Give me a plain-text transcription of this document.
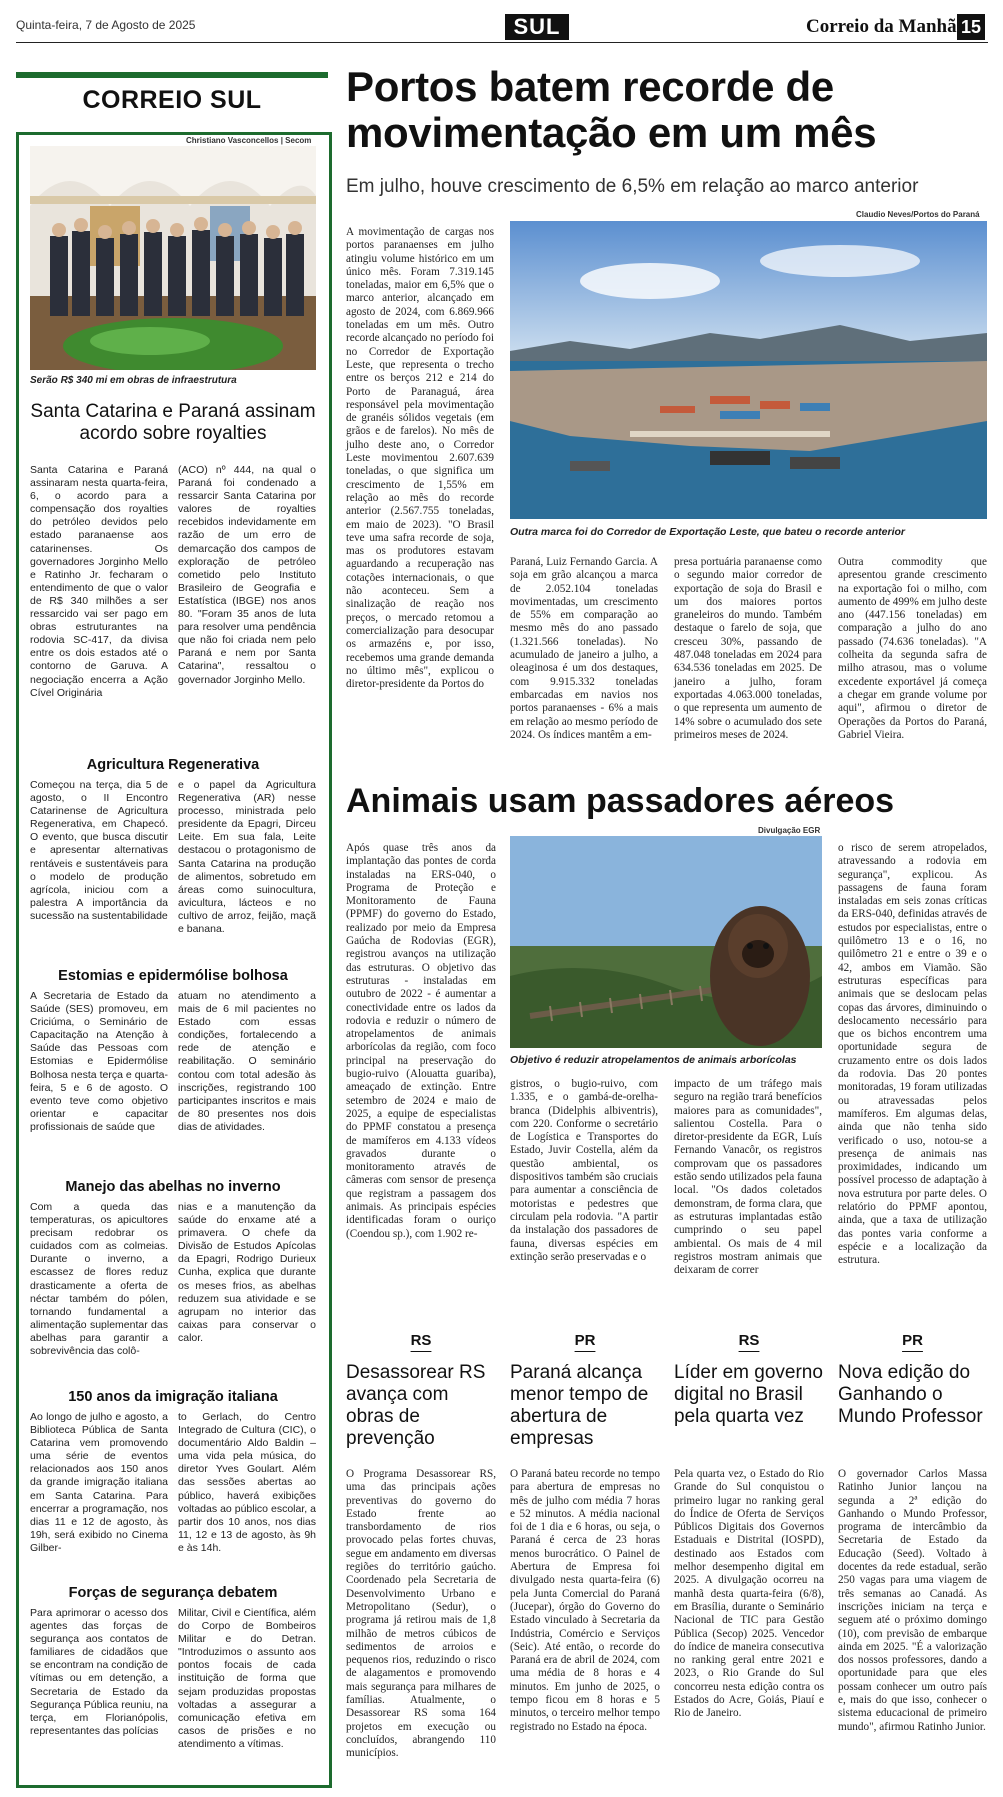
Quinta-feira, 7 de Agosto de 2025	SUL	Correio da Manhã 15
CORREIO SUL
Christiano Vasconcellos | Secom
Serão R$ 340 mi em obras de infraestrutura
Santa Catarina e Paraná assinam acordo sobre royalties
Santa Catarina e Paraná assinaram nesta quarta-feira, 6, o acordo para a compensação dos royalties do petróleo devidos pelo estado paranaense aos catarinenses. Os governadores Jorginho Mello e Ratinho Jr. fecharam o entendimento de que o valor de R$ 340 milhões a ser ressarcido vai ser pago em obras estruturantes na rodovia SC-417, da divisa entre os dois estados até o contorno de Garuva. A negociação encerra a Ação Cível Originária
(ACO) nº 444, na qual o Paraná foi condenado a ressarcir Santa Catarina por valores de royalties recebidos indevidamente em razão de um erro de demarcação dos campos de exploração de petróleo cometido pelo Instituto Brasileiro de Geografia e Estatística (IBGE) nos anos 80. "Foram 35 anos de luta para resolver uma pendência que não foi criada nem pelo Paraná e nem por Santa Catarina", ressaltou o governador Jorginho Mello.
Agricultura Regenerativa
Começou na terça, dia 5 de agosto, o II Encontro Catarinense de Agricultura Regenerativa, em Chapecó. O evento, que busca discutir e apresentar alternativas rentáveis e sustentáveis para o modelo de produção agrícola, iniciou com a palestra A importância da sucessão na sustentabilidade
e o papel da Agricultura Regenerativa (AR) nesse processo, ministrada pelo presidente da Epagri, Dirceu Leite. Em sua fala, Leite destacou o protagonismo de Santa Catarina na produção de alimentos, sobretudo em áreas como suinocultura, avicultura, lácteos e no cultivo de arroz, feijão, maçã e banana.
Estomias e epidermólise bolhosa
A Secretaria de Estado da Saúde (SES) promoveu, em Criciúma, o Seminário de Capacitação na Atenção à Saúde das Pessoas com Estomias e Epidermólise Bolhosa nesta terça e quarta-feira, 5 e 6 de agosto. O evento teve como objetivo orientar e capacitar profissionais de saúde que
atuam no atendimento a mais de 6 mil pacientes no Estado com essas condições, fortalecendo a rede de atenção e reabilitação. O seminário contou com total adesão às inscrições, registrando 100 participantes inscritos e mais de 80 presentes nos dois dias de atividades.
Manejo das abelhas no inverno
Com a queda das temperaturas, os apicultores precisam redobrar os cuidados com as colmeias. Durante o inverno, a escassez de flores reduz drasticamente a oferta de néctar também do pólen, tornando fundamental a alimentação suplementar das abelhas para garantir a sobrevivência das colô-
nias e a manutenção da saúde do enxame até a primavera. O chefe da Divisão de Estudos Apícolas da Epagri, Rodrigo Durieux Cunha, explica que durante os meses frios, as abelhas reduzem sua atividade e se agrupam no interior das caixas para conservar o calor.
150 anos da imigração italiana
Ao longo de julho e agosto, a Biblioteca Pública de Santa Catarina vem promovendo uma série de eventos relacionados aos 150 anos da grande imigração italiana em Santa Catarina. Para encerrar a programação, nos dias 11 e 12 de agosto, às 19h, será exibido no Cinema Gilber-
to Gerlach, do Centro Integrado de Cultura (CIC), o documentário Aldo Baldin – uma vida pela música, do diretor Yves Goulart. Além das sessões abertas ao público, haverá exibições voltadas ao público escolar, a partir dos 10 anos, nos dias 11, 12 e 13 de agosto, às 9h e às 14h.
Forças de segurança debatem
Para aprimorar o acesso dos agentes das forças de segurança aos contatos de familiares de cidadãos que se encontram na condição de vítimas ou em detenção, a Secretaria de Estado da Segurança Pública reuniu, na terça, em Florianópolis, representantes das polícias
Militar, Civil e Científica, além do Corpo de Bombeiros Militar e do Detran. "Introduzimos o assunto aos pontos focais de cada instituição de forma que sejam produzidas propostas voltadas a assegurar a comunicação efetiva em casos de prisões e no atendimento a vítimas.
Portos batem recorde de movimentação em um mês
Em julho, houve crescimento de 6,5% em relação ao marco anterior
Claudio Neves/Portos do Paraná
A movimentação de cargas nos portos paranaenses em julho atingiu volume histórico em um único mês. Foram 7.319.145 toneladas, maior em 6,5% que o marco anterior, alcançado em agosto de 2024, com 6.869.966 toneladas em um mês. Outro recorde alcançado no período foi no Corredor de Exportação Leste, que representa o trecho entre os berços 212 e 214 do Porto de Paranaguá, área responsável pela movimentação de granéis sólidos vegetais (em grãos e de farelos). No mês de julho deste ano, o Corredor Leste movimentou 2.607.639 toneladas, o que significa um crescimento de 1,55% em relação ao mês do recorde anterior (2.567.755 toneladas, em maio de 2023). "O Brasil teve uma safra recorde de soja, mas os produtores estavam aguardando a recuperação nas cotações internacionais, o que não aconteceu. Sem a sinalização de reação nos preços, o mercado retomou a comercialização para desocupar os armazéns e, por isso, recebemos uma grande demanda no último mês", explicou o diretor-presidente da Portos do
Outra marca foi do Corredor de Exportação Leste, que bateu o recorde anterior
Paraná, Luiz Fernando Garcia. A soja em grão alcançou a marca de 2.052.104 toneladas movimentadas, um crescimento de 55% em comparação ao mesmo mês do ano passado (1.321.566 toneladas). No acumulado de janeiro a julho, a oleaginosa é um dos destaques, com 9.915.332 toneladas embarcadas em navios nos portos paranaenses - 6% a mais em relação ao mesmo período de 2024. Os índices mantêm a em-
presa portuária paranaense como o segundo maior corredor de exportação de soja do Brasil e um dos maiores portos graneleiros do mundo. Também destaque o farelo de soja, que cresceu 30%, passando de 487.048 toneladas em 2024 para 634.536 toneladas em 2025. De janeiro a julho, foram exportadas 4.063.000 toneladas, o que representa um aumento de 14% sobre o acumulado dos sete primeiros meses de 2024.
Outra commodity que apresentou grande crescimento na exportação foi o milho, com aumento de 499% em julho deste ano (447.156 toneladas) em comparação a julho do ano passado (74.636 toneladas). "A colheita da segunda safra de milho atrasou, mas o volume excedente exportável já começa a chegar em grande volume por aqui", afirmou o diretor de Operações da Portos do Paraná, Gabriel Vieira.
Animais usam passadores aéreos
Divulgação EGR
Após quase três anos da implantação das pontes de corda instaladas na ERS-040, o Programa de Proteção e Monitoramento de Fauna (PPMF) do governo do Estado, realizado por meio da Empresa Gaúcha de Rodovias (EGR), registrou avanços na utilização das estruturas. O objetivo das estruturas - instaladas em outubro de 2022 - é aumentar a conectividade entre os lados da rodovia e reduzir o número de atropelamentos de animais arborícolas da região, com foco principal na preservação do bugio-ruivo (Alouatta guariba), ameaçado de extinção. Entre setembro de 2024 e maio de 2025, a equipe de especialistas do PPMF constatou a presença de mamíferos em 4.133 vídeos gravados durante o monitoramento através de câmeras com sensor de presença que registram a passagem dos animais. As principais espécies identificadas foram o ouriço (Coendou sp.), com 1.902 re-
Objetivo é reduzir atropelamentos de animais arborícolas
gistros, o bugio-ruivo, com 1.335, e o gambá-de-orelha-branca (Didelphis albiventris), com 220. Conforme o secretário de Logística e Transportes do Estado, Juvir Costella, além da questão ambiental, os dispositivos também são cruciais para aumentar a consciência de motoristas e pedestres que circulam pela rodovia. "A partir da instalação dos passadores de fauna, diversas espécies em extinção serão preservadas e o
impacto de um tráfego mais seguro na região trará benefícios maiores para as comunidades", salientou Costella. Para o diretor-presidente da EGR, Luís Fernando Vanacôr, os registros comprovam que os passadores estão sendo utilizados pela fauna local. "Os dados coletados demonstram, de forma clara, que as estruturas implantadas estão cumprindo o seu papel ambiental. Os mais de 4 mil registros mostram animais que deixaram de correr
o risco de serem atropelados, atravessando a rodovia em segurança", explicou. As passagens de fauna foram instaladas em seis zonas críticas da ERS-040, definidas através de estudos por especialistas, entre o quilômetro 13 e o 16, no quilômetro 21 e entre o 39 e o 42, ambos em Viamão. São estruturas específicas para animais que se deslocam pelas copas das árvores, diminuindo o deslocamento necessário para que os bichos encontrem uma oportunidade segura de cruzamento entre os dois lados da rodovia. Das 20 pontes monitoradas, 19 foram utilizadas ou atravessadas pelos mamíferos. Em algumas delas, ainda que não tenha sido verificado o uso, notou-se a presença de animais nas proximidades, indicando um possível processo de adaptação à nova estrutura por parte deles. O relatório do PPMF apontou, ainda, que a taxa de utilização das pontes varia conforme a espécie e a localização da estrutura.
RS
Desassorear RS avança com obras de prevenção
O Programa Desassorear RS, uma das principais ações preventivas do governo do Estado frente ao transbordamento de rios provocado pelas fortes chuvas, segue em andamento em diversas regiões do território gaúcho. Coordenado pela Secretaria de Desenvolvimento Urbano e Metropolitano (Sedur), o programa já retirou mais de 1,8 milhão de metros cúbicos de sedimentos de arroios e pequenos rios, reduzindo o risco de alagamentos e promovendo mais segurança para milhares de famílias. Atualmente, o Desassorear RS soma 164 projetos em execução ou concluídos, abrangendo 110 municípios.
PR
Paraná alcança menor tempo de abertura de empresas
O Paraná bateu recorde no tempo para abertura de empresas no mês de julho com média 7 horas e 52 minutos. A média nacional foi de 1 dia e 6 horas, ou seja, o Paraná é cerca de 23 horas menos burocrático. O Painel de Abertura de Empresa foi divulgado nesta quarta-feira (6) pela Junta Comercial do Paraná (Jucepar), órgão do Governo do Estado vinculado à Secretaria da Indústria, Comércio e Serviços (Seic). Até então, o recorde do Paraná era de abril de 2024, com uma média de 8 horas e 4 minutos. Em junho de 2025, o tempo ficou em 8 horas e 5 minutos, o terceiro melhor tempo registrado no Estado na época.
RS
Líder em governo digital no Brasil pela quarta vez
Pela quarta vez, o Estado do Rio Grande do Sul conquistou o primeiro lugar no ranking geral do Índice de Oferta de Serviços Públicos Digitais dos Governos Estaduais e Distrital (IOSPD), destinado aos Estados com melhor desempenho digital em 2025. A divulgação ocorreu na manhã desta quarta-feira (6/8), em Brasília, durante o Seminário Nacional de TIC para Gestão Pública (Secop) 2025. Vencedor do índice de maneira consecutiva no ranking geral entre 2021 e 2023, o Rio Grande do Sul concorreu nesta edição contra os Estados do Acre, Goiás, Piauí e Rio de Janeiro.
PR
Nova edição do Ganhando o Mundo Professor
O governador Carlos Massa Ratinho Junior lançou na segunda a 2ª edição do Ganhando o Mundo Professor, programa de intercâmbio da Secretaria de Estado da Educação (Seed). Voltado à docentes da rede estadual, serão 250 vagas para uma viagem de três semanas ao Canadá. As inscrições iniciam na terça e seguem até o próximo domingo (10), com previsão de embarque ainda em 2025. "É a valorização dos nossos professores, dando a oportunidade para que eles possam conhecer um outro país e, mais do que isso, conhecer o sistema educacional de primeiro mundo", afirmou Ratinho Junior.
